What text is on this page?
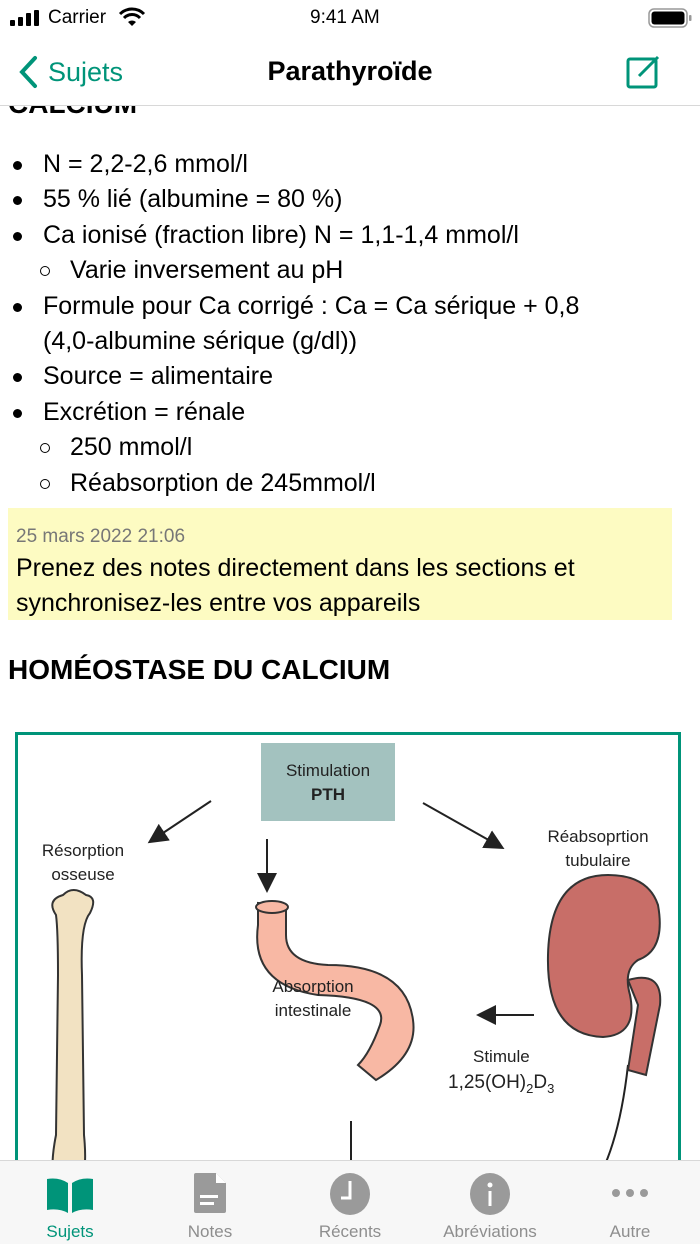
Carrier	9:41 AM
Sujets	Parathyroïde
N = 2,2-2,6 mmol/l
55 % lié (albumine = 80 %)
Ca ionisé (fraction libre) N = 1,1-1,4 mmol/l
Varie inversement au pH
Formule pour Ca corrigé : Ca = Ca sérique + 0,8
(4,0-albumine sérique (g/dl))
Source = alimentaire
Excrétion = rénale
250 mmol/l
Réabsorption de 245mmol/l
25 mars 2022 21:06
Prenez des notes directement dans les sections et
synchronisez-les entre vos appareils
HOMÉOSTASE DU CALCIUM
Stimulation
PTH
Résorption
osseuse
Réabsoprtion
tubulaire
Absorption
intestinale
Stimule
$1,25(OH)_2D_3$
Sujets	Notes	Récents	Abréviations	Autre
